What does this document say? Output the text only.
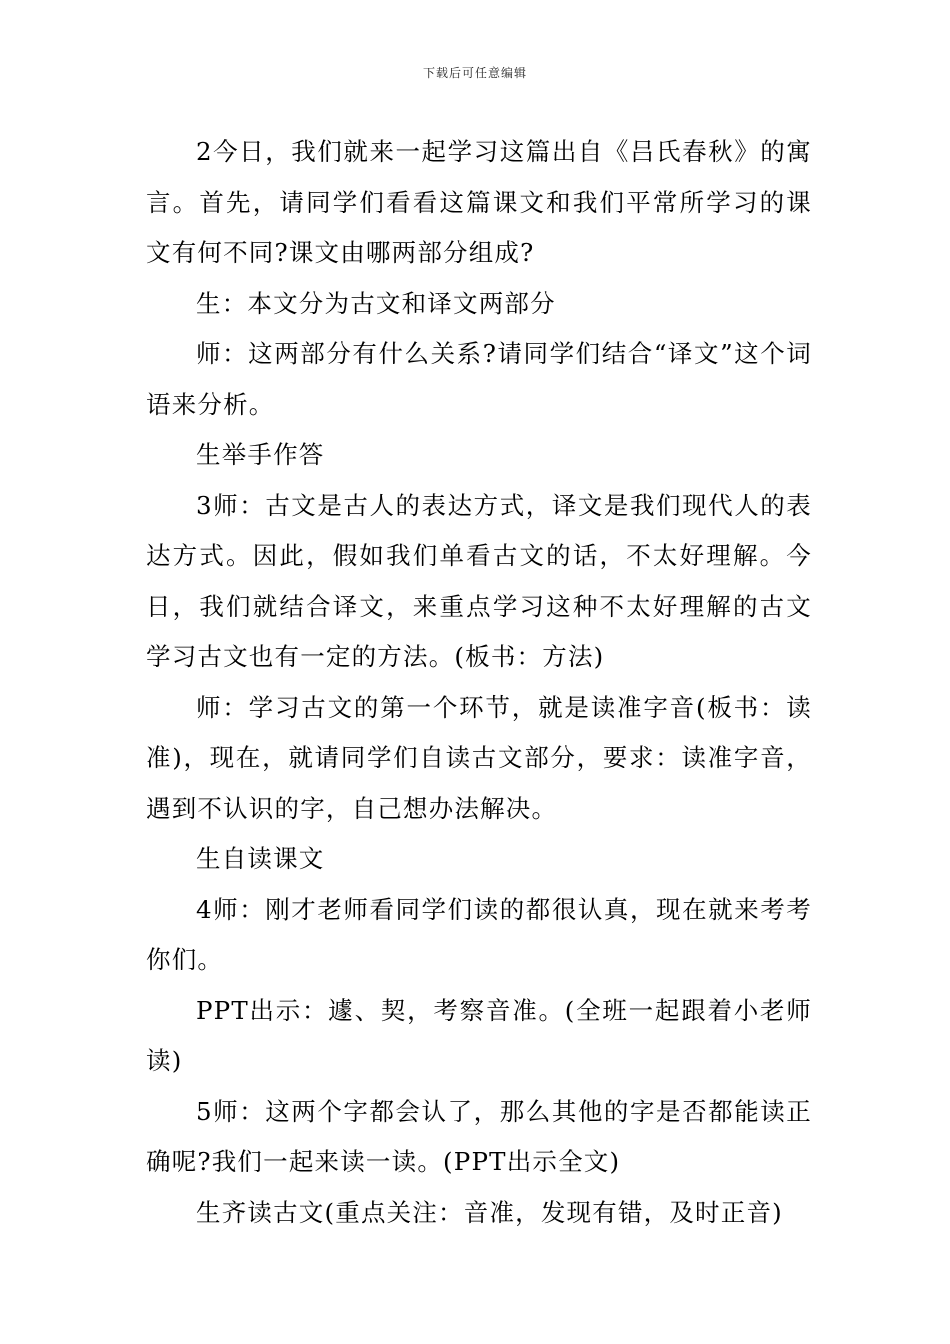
下载后可任意编辑

2今日，我们就来一起学习这篇出自《吕氏春秋》的寓言。首先，请同学们看看这篇课文和我们平常所学习的课文有何不同?课文由哪两部分组成?

生：本文分为古文和译文两部分

师：这两部分有什么关系?请同学们结合“译文”这个词语来分析。

生举手作答

3师：古文是古人的表达方式，译文是我们现代人的表达方式。因此，假如我们单看古文的话，不太好理解。今日，我们就结合译文，来重点学习这种不太好理解的古文学习古文也有一定的方法。(板书：方法)

师：学习古文的第一个环节，就是读准字音(板书：读准)，现在，就请同学们自读古文部分，要求：读准字音，遇到不认识的字，自己想办法解决。

生自读课文

4师：刚才老师看同学们读的都很认真，现在就来考考你们。

PPT出示：遽、契，考察音准。(全班一起跟着小老师读)

5师：这两个字都会认了，那么其他的字是否都能读正确呢?我们一起来读一读。(PPT出示全文)

生齐读古文(重点关注：音准，发现有错，及时正音)
